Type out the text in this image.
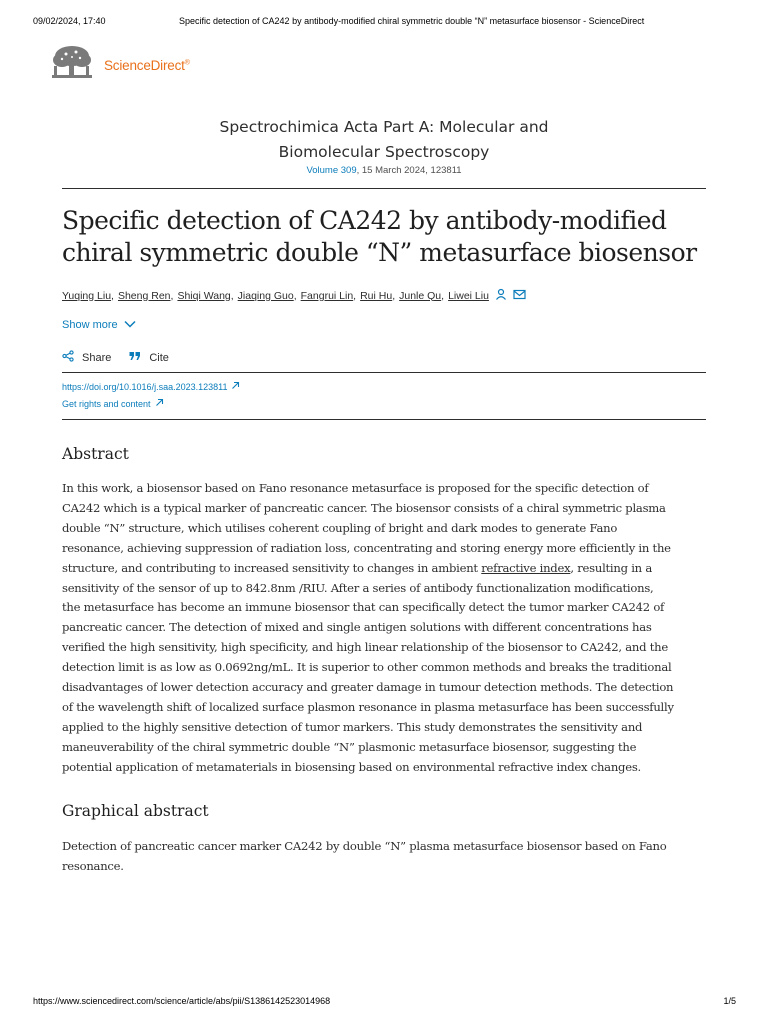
09/02/2024, 17:40	Specific detection of CA242 by antibody-modified chiral symmetric double “N” metasurface biosensor - ScienceDirect
ScienceDirect®
Spectrochimica Acta Part A: Molecular and
Biomolecular Spectroscopy
Volume 309, 15 March 2024, 123811
Specific detection of CA242 by antibody-modified
chiral symmetric double “N” metasurface biosensor
Yuqing Liu , Sheng Ren , Shiqi Wang , Jiaqing Guo , Fangrui Lin , Rui Hu , Junle Qu , Liwei Liu
Show more
Share	Cite
https://doi.org/10.1016/j.saa.2023.123811
Get rights and content
Abstract
In this work, a biosensor based on Fano resonance metasurface is proposed for the specific detection of
CA242 which is a typical marker of pancreatic cancer. The biosensor consists of a chiral symmetric plasma
double “N” structure, which utilises coherent coupling of bright and dark modes to generate Fano
resonance, achieving suppression of radiation loss, concentrating and storing energy more efficiently in the
structure, and contributing to increased sensitivity to changes in ambient refractive index, resulting in a
sensitivity of the sensor of up to 842.8nm /RIU. After a series of antibody functionalization modifications,
the metasurface has become an immune biosensor that can specifically detect the tumor marker CA242 of
pancreatic cancer. The detection of mixed and single antigen solutions with different concentrations has
verified the high sensitivity, high specificity, and high linear relationship of the biosensor to CA242, and the
detection limit is as low as 0.0692ng/mL. It is superior to other common methods and breaks the traditional
disadvantages of lower detection accuracy and greater damage in tumour detection methods. The detection
of the wavelength shift of localized surface plasmon resonance in plasma metasurface has been successfully
applied to the highly sensitive detection of tumor markers. This study demonstrates the sensitivity and
maneuverability of the chiral symmetric double “N” plasmonic metasurface biosensor, suggesting the
potential application of metamaterials in biosensing based on environmental refractive index changes.
Graphical abstract
Detection of pancreatic cancer marker CA242 by double “N” plasma metasurface biosensor based on Fano
resonance.
https://www.sciencedirect.com/science/article/abs/pii/S1386142523014968	1/5
